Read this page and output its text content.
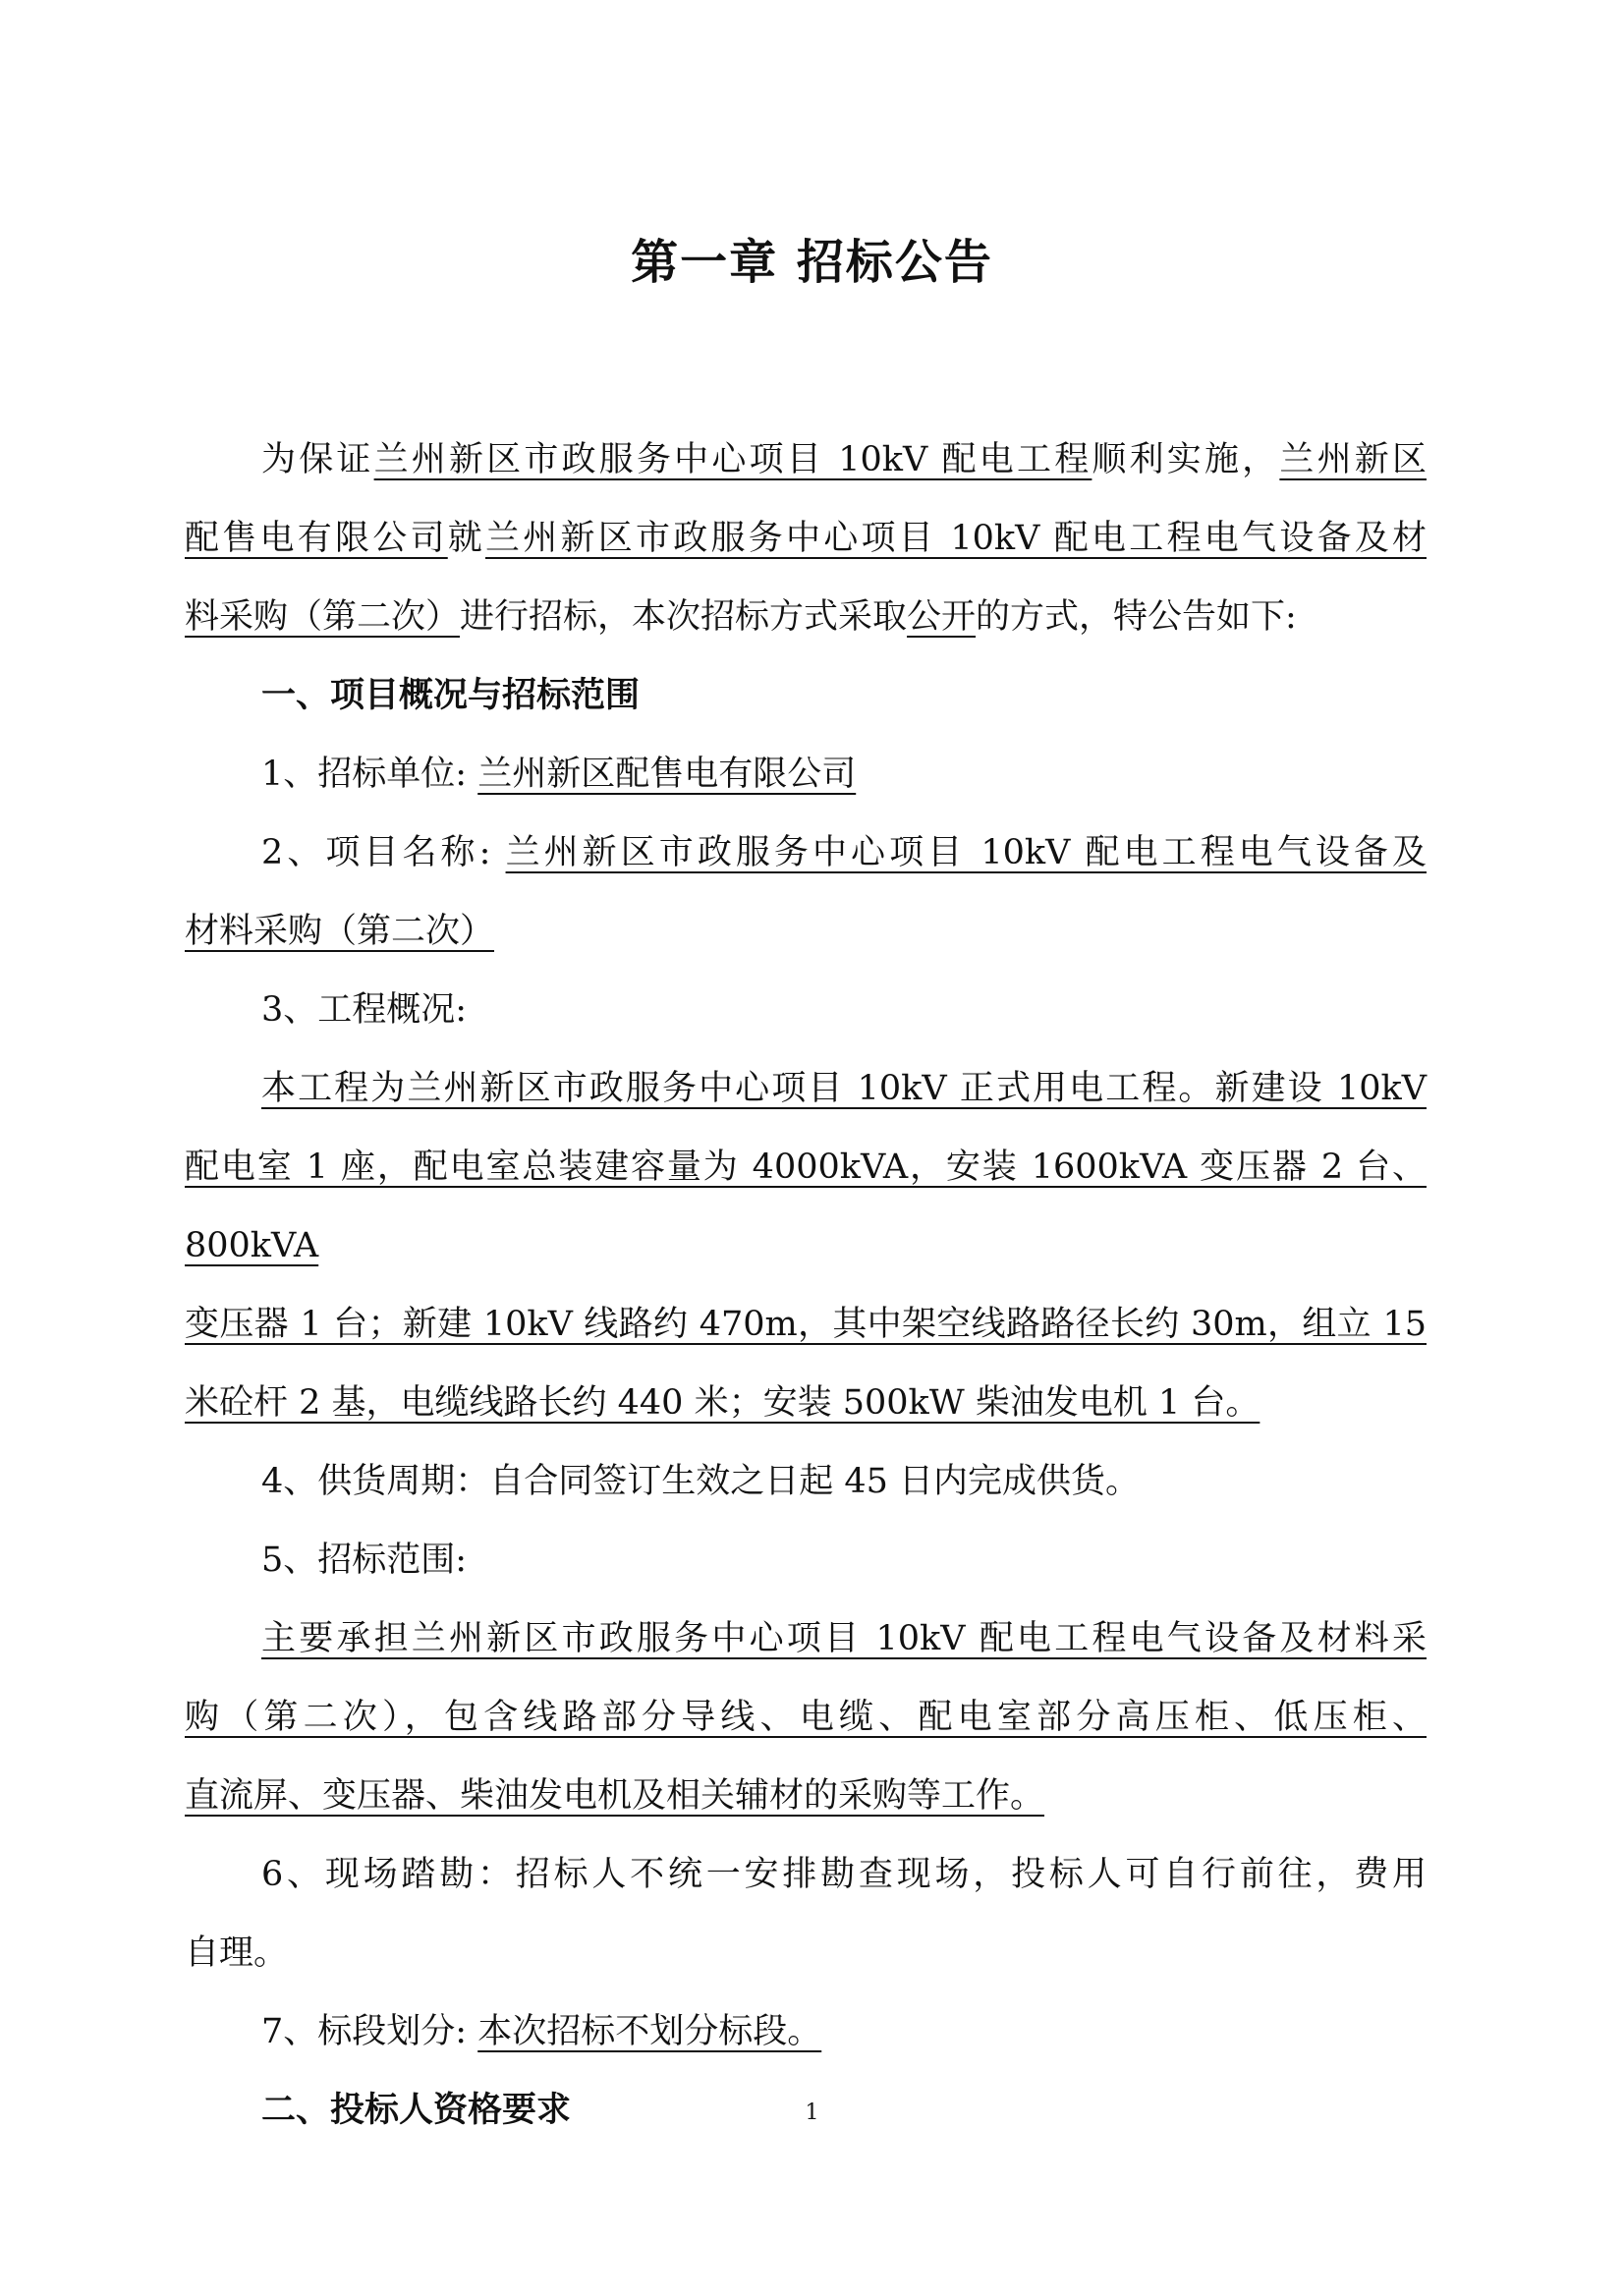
第一章 招标公告

为保证兰州新区市政服务中心项目 10kV 配电工程顺利实施，兰州新区

配售电有限公司就兰州新区市政服务中心项目 10kV 配电工程电气设备及材

料采购（第二次）进行招标，本次招标方式采取公开的方式，特公告如下:

一、项目概况与招标范围

1、招标单位: 兰州新区配售电有限公司

2、项目名称: 兰州新区市政服务中心项目 10kV 配电工程电气设备及

材料采购（第二次）

3、工程概况:

本工程为兰州新区市政服务中心项目 10kV 正式用电工程。新建设 10kV

配电室 1 座，配电室总装建容量为 4000kVA，安装 1600kVA 变压器 2 台、800kVA

变压器 1 台；新建 10kV 线路约 470m，其中架空线路路径长约 30m，组立 15

米砼杆 2 基，电缆线路长约 440 米；安装 500kW 柴油发电机 1 台。

4、供货周期：自合同签订生效之日起 45 日内完成供货。

5、招标范围:

主要承担兰州新区市政服务中心项目 10kV 配电工程电气设备及材料采

购（第二次），包含线路部分导线、电缆、配电室部分高压柜、低压柜、

直流屏、变压器、柴油发电机及相关辅材的采购等工作。

6、现场踏勘：招标人不统一安排勘查现场，投标人可自行前往，费用

自理。

7、标段划分: 本次招标不划分标段。

二、投标人资格要求	1
